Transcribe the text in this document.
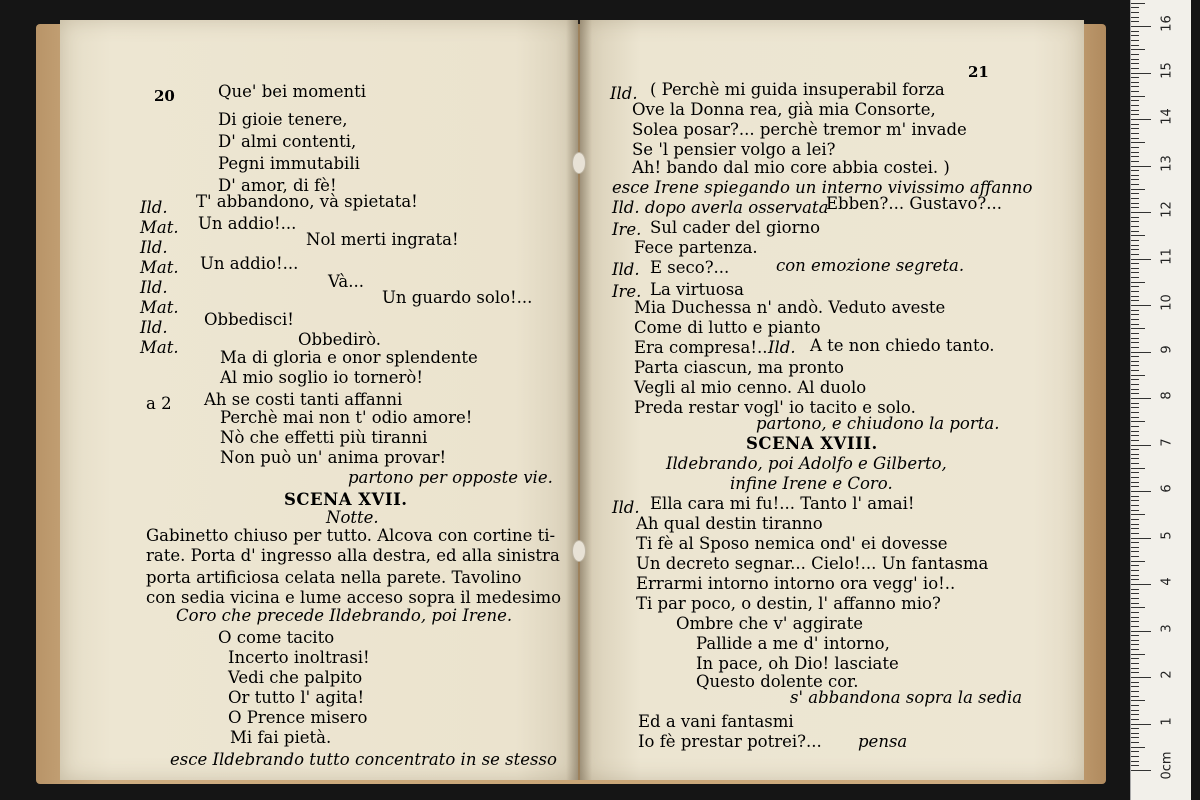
20
21
Que' bei momenti
Di gioie tenere,
D' almi contenti,
Pegni immutabili
D' amor, di fè!
Ild. T' abbandono, và spietata!
Mat. Un addio!...
Ild.	Nol merti ingrata!
Mat. Un addio!...
Ild.	Và...
Mat.
Un guardo solo!...
Ild. Obbedisci!
Mat.	Obbedirò.
Ma di gloria e onor splendente
Al mio soglio io tornerò!
a 2 Ah se costi tanti affanni
Perchè mai non t' odio amore!
Nò che effetti più tiranni
Non può un' anima provar!
partono per opposte vie.
SCENA XVII.
Notte.
Gabinetto chiuso per tutto. Alcova con cortine ti-
rate. Porta d' ingresso alla destra, ed alla sinistra
porta artificiosa celata nella parete. Tavolino
con sedia vicina e lume acceso sopra il medesimo
Coro che precede Ildebrando, poi Irene.
O come tacito
Incerto inoltrasi!
Vedi che palpito
Or tutto l' agita!
O Prence misero
Mi fai pietà.
esce Ildebrando tutto concentrato in se stesso
Ild. ( Perchè mi guida insuperabil forza
Ove la Donna rea, già mia Consorte,
Solea posar?... perchè tremor m' invade
Se 'l pensier volgo a lei?
Ah! bando dal mio core abbia costei. )
esce Irene spiegando un interno vivissimo affanno
Ild. dopo averla osservata
Ebben?... Gustavo?...
Ire. Sul cader del giorno
Fece partenza.
Ild. E seco?...	con emozione segreta.
Ire. La virtuosa
Mia Duchessa n' andò. Veduto aveste
Come di lutto e pianto
Era compresa!.. Ild. A te non chiedo tanto.
Parta ciascun, ma pronto
Vegli al mio cenno. Al duolo
Preda restar vogl' io tacito e solo.
partono, e chiudono la porta.
SCENA XVIII.
Ildebrando, poi Adolfo e Gilberto,
infine Irene e Coro.
Ild. Ella cara mi fu!... Tanto l' amai!
Ah qual destin tiranno
Ti fè al Sposo nemica ond' ei dovesse
Un decreto segnar... Cielo!... Un fantasma
Errarmi intorno intorno ora vegg' io!..
Ti par poco, o destin, l' affanno mio?
Ombre che v' aggirate
Pallide a me d' intorno,
In pace, oh Dio! lasciate
Questo dolente cor.
s' abbandona sopra la sedia
Ed a vani fantasmi
Io fè prestar potrei?... pensa
0cm
1
2
3
4
5
6
7
8
9
10
11
12
13
14
15
16
